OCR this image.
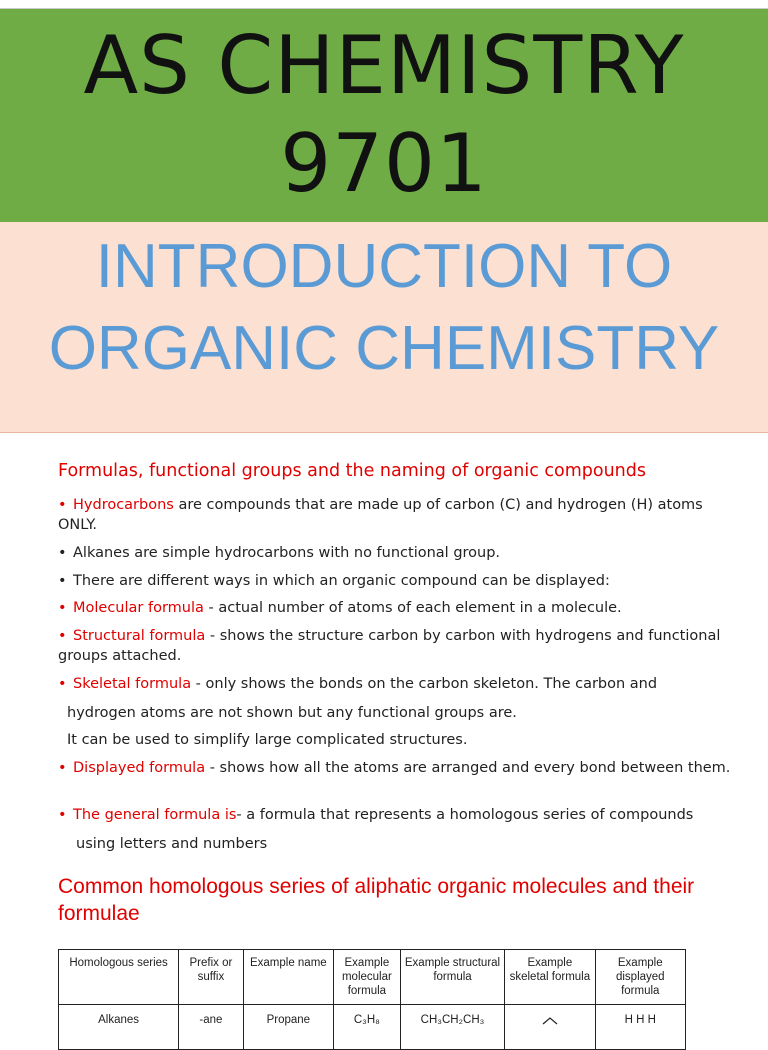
AS CHEMISTRY
9701
INTRODUCTION TO
ORGANIC CHEMISTRY
Formulas, functional groups and the naming of organic compounds
• Hydrocarbons are compounds that are made up of carbon (C) and hydrogen (H) atoms ONLY.
• Alkanes are simple hydrocarbons with no functional group.
• There are different ways in which an organic compound can be displayed:
• Molecular formula - actual number of atoms of each element in a molecule.
• Structural formula - shows the structure carbon by carbon with hydrogens and functional groups attached.
• Skeletal formula - only shows the bonds on the carbon skeleton. The carbon and
hydrogen atoms are not shown but any functional groups are.
It can be used to simplify large complicated structures.
• Displayed formula - shows how all the atoms are arranged and every bond between them.
• The general formula is- a formula that represents a homologous series of compounds
using letters and numbers
Common homologous series of aliphatic organic molecules and their formulae
Homologous series	Prefix or suffix	Example name	Example molecular formula	Example structural formula	Example skeletal formula	Example displayed formula
Alkanes	-ane	Propane	C₃H₈	CH₃CH₂CH₃		H H H
